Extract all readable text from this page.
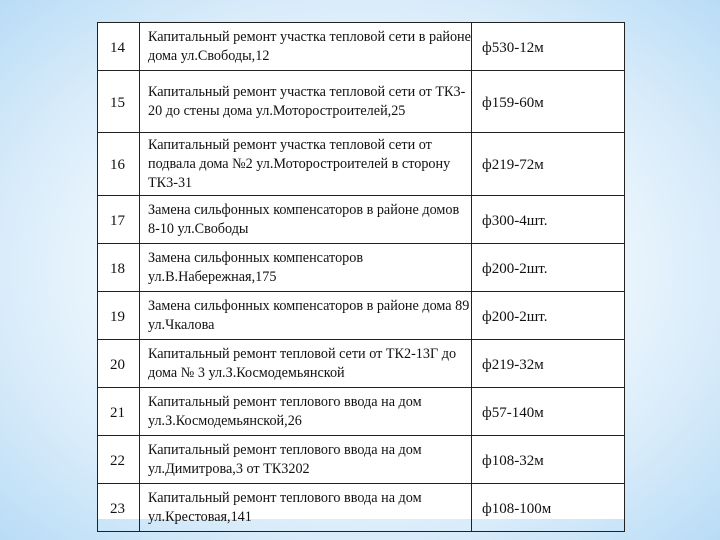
14	Капитальный ремонт участка тепловой сети в районе дома ул.Свободы,12	ф530-12м
15	Капитальный ремонт участка тепловой сети от ТК3-20 до стены дома ул.Моторостроителей,25	ф159-60м
16	Капитальный ремонт участка тепловой сети от подвала дома №2 ул.Моторостроителей в сторону ТК3-31	ф219-72м
17	Замена сильфонных компенсаторов в районе домов 8-10 ул.Свободы	ф300-4шт.
18	Замена сильфонных компенсаторов ул.В.Набережная,175	ф200-2шт.
19	Замена сильфонных компенсаторов в районе дома 89 ул.Чкалова	ф200-2шт.
20	Капитальный ремонт тепловой сети от ТК2-13Г до дома № 3 ул.З.Космодемьянской	ф219-32м
21	Капитальный ремонт теплового ввода на дом ул.З.Космодемьянской,26	ф57-140м
22	Капитальный ремонт теплового ввода на дом ул.Димитрова,3 от ТК3202	ф108-32м
23	Капитальный ремонт теплового ввода на дом ул.Крестовая,141	ф108-100м
